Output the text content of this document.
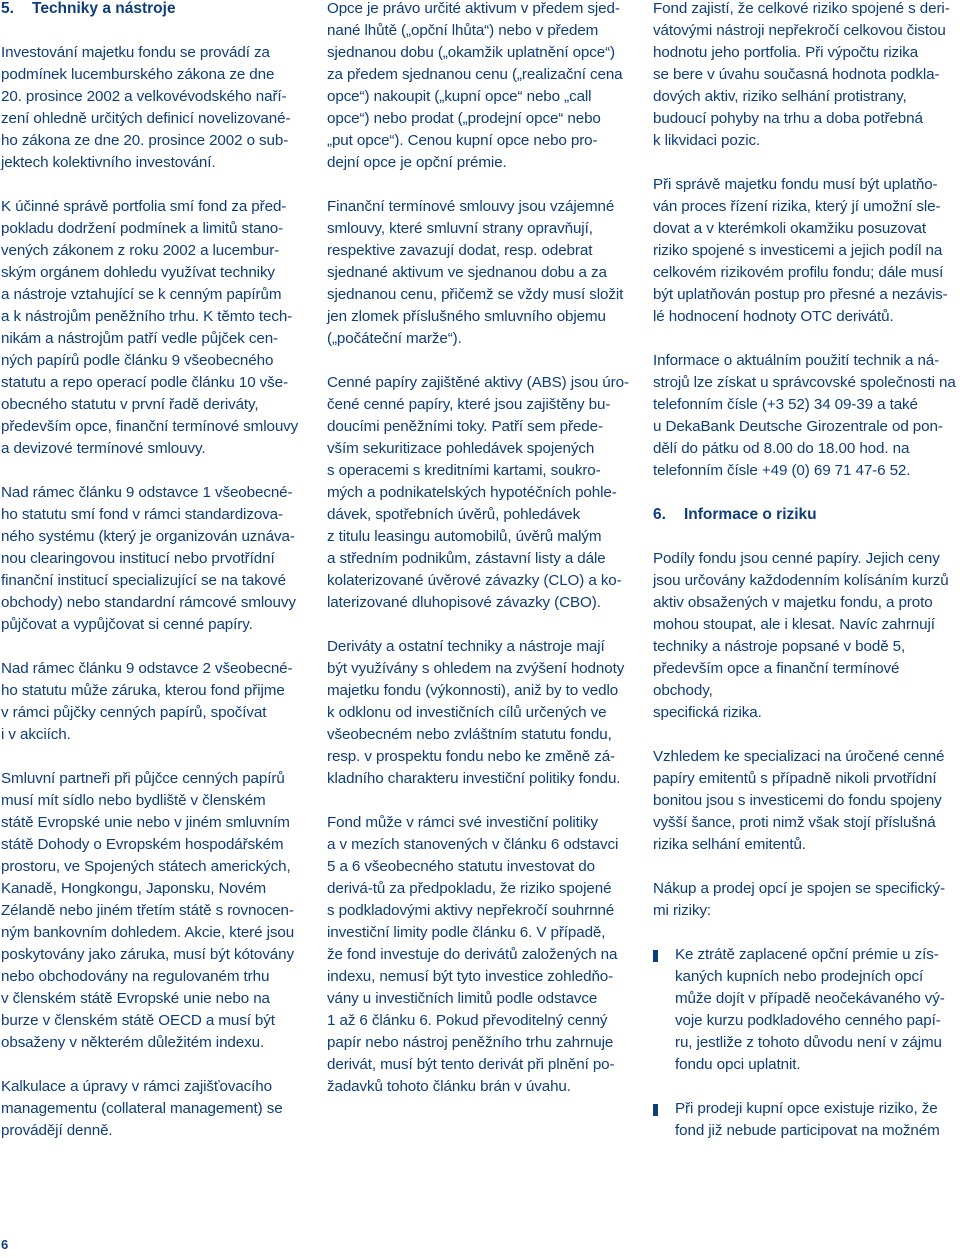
5. Techniky a nástroje

Investování majetku fondu se provádí za
podmínek lucemburského zákona ze dne
20. prosince 2002 a velkovévodského naří-
zení ohledně určitých definicí novelizované-
ho zákona ze dne 20. prosince 2002 o sub-
jektech kolektivního investování.

K účinné správě portfolia smí fond za před-
pokladu dodržení podmínek a limitů stano-
vených zákonem z roku 2002 a lucembur-
ským orgánem dohledu využívat techniky
a nástroje vztahující se k cenným papírům
a k nástrojům peněžního trhu. K těmto tech-
nikám a nástrojům patří vedle půjček cen-
ných papírů podle článku 9 všeobecného
statutu a repo operací podle článku 10 vše-
obecného statutu v první řadě deriváty,
především opce, finanční termínové smlouvy
a devizové termínové smlouvy.

Nad rámec článku 9 odstavce 1 všeobecné-
ho statutu smí fond v rámci standardizova-
ného systému (který je organizován uznáva-
nou clearingovou institucí nebo prvotřídní
finanční institucí specializující se na takové
obchody) nebo standardní rámcové smlouvy
půjčovat a vypůjčovat si cenné papíry.

Nad rámec článku 9 odstavce 2 všeobecné-
ho statutu může záruka, kterou fond přijme
v rámci půjčky cenných papírů, spočívat
i v akciích.

Smluvní partneři při půjčce cenných papírů
musí mít sídlo nebo bydliště v členském
státě Evropské unie nebo v jiném smluvním
státě Dohody o Evropském hospodářském
prostoru, ve Spojených státech amerických,
Kanadě, Hongkongu, Japonsku, Novém
Zélandě nebo jiném třetím státě s rovnocen-
ným bankovním dohledem. Akcie, které jsou
poskytovány jako záruka, musí být kótovány
nebo obchodovány na regulovaném trhu
v členském státě Evropské unie nebo na
burze v členském státě OECD a musí být
obsaženy v některém důležitém indexu.

Kalkulace a úpravy v rámci zajišťovacího
managementu (collateral management) se
provádějí denně.

Opce je právo určité aktivum v předem sjed-
nané lhůtě („opční lhůta“) nebo v předem
sjednanou dobu („okamžik uplatnění opce“)
za předem sjednanou cenu („realizační cena
opce“) nakoupit („kupní opce“ nebo „call
opce“) nebo prodat („prodejní opce“ nebo
„put opce“). Cenou kupní opce nebo pro-
dejní opce je opční prémie.

Finanční termínové smlouvy jsou vzájemné
smlouvy, které smluvní strany opravňují,
respektive zavazují dodat, resp. odebrat
sjednané aktivum ve sjednanou dobu a za
sjednanou cenu, přičemž se vždy musí složit
jen zlomek příslušného smluvního objemu
(„počáteční marže“).

Cenné papíry zajištěné aktivy (ABS) jsou úro-
čené cenné papíry, které jsou zajištěny bu-
doucími peněžními toky. Patří sem přede-
vším sekuritizace pohledávek spojených
s operacemi s kreditními kartami, soukro-
mých a podnikatelských hypotéčních pohle-
dávek, spotřebních úvěrů, pohledávek
z titulu leasingu automobilů, úvěrů malým
a středním podnikům, zástavní listy a dále
kolaterizované úvěrové závazky (CLO) a ko-
laterizované dluhopisové závazky (CBO).

Deriváty a ostatní techniky a nástroje mají
být využívány s ohledem na zvýšení hodnoty
majetku fondu (výkonnosti), aniž by to vedlo
k odklonu od investičních cílů určených ve
všeobecném nebo zvláštním statutu fondu,
resp. v prospektu fondu nebo ke změně zá-
kladního charakteru investiční politiky fondu.

Fond může v rámci své investiční politiky
a v mezích stanovených v článku 6 odstavci
5 a 6 všeobecného statutu investovat do
derivá-tů za předpokladu, že riziko spojené
s podkladovými aktivy nepřekročí souhrnné
investiční limity podle článku 6. V případě,
že fond investuje do derivátů založených na
indexu, nemusí být tyto investice zohledňo-
vány u investičních limitů podle odstavce
1 až 6 článku 6. Pokud převoditelný cenný
papír nebo nástroj peněžního trhu zahrnuje
derivát, musí být tento derivát při plnění po-
žadavků tohoto článku brán v úvahu.

Fond zajistí, že celkové riziko spojené s deri-
vátovými nástroji nepřekročí celkovou čistou
hodnotu jeho portfolia. Při výpočtu rizika
se bere v úvahu současná hodnota podkla-
dových aktiv, riziko selhání protistrany,
budoucí pohyby na trhu a doba potřebná
k likvidaci pozic.

Při správě majetku fondu musí být uplatňo-
ván proces řízení rizika, který jí umožní sle-
dovat a v kterémkoli okamžiku posuzovat
riziko spojené s investicemi a jejich podíl na
celkovém rizikovém profilu fondu; dále musí
být uplatňován postup pro přesné a nezávis-
lé hodnocení hodnoty OTC derivátů.

Informace o aktuálním použití technik a ná-
strojů lze získat u správcovské společnosti na
telefonním čísle (+3 52) 34 09-39 a také
u DekaBank Deutsche Girozentrale od pon-
dělí do pátku od 8.00 do 18.00 hod. na
telefonním čísle +49 (0) 69 71 47-6 52.

6. Informace o riziku

Podíly fondu jsou cenné papíry. Jejich ceny
jsou určovány každodenním kolísáním kurzů
aktiv obsažených v majetku fondu, a proto
mohou stoupat, ale i klesat. Navíc zahrnují
techniky a nástroje popsané v bodě 5,
především opce a finanční termínové obchody,
specifická rizika.

Vzhledem ke specializaci na úročené cenné
papíry emitentů s případně nikoli prvotřídní
bonitou jsou s investicemi do fondu spojeny
vyšší šance, proti nimž však stojí příslušná
rizika selhání emitentů.

Nákup a prodej opcí je spojen se specifický-
mi riziky:

Ke ztrátě zaplacené opční prémie u zís-
kaných kupních nebo prodejních opcí
může dojít v případě neočekávaného vý-
voje kurzu podkladového cenného papí-
ru, jestliže z tohoto důvodu není v zájmu
fondu opci uplatnit.

Při prodeji kupní opce existuje riziko, že
fond již nebude participovat na možném

6
